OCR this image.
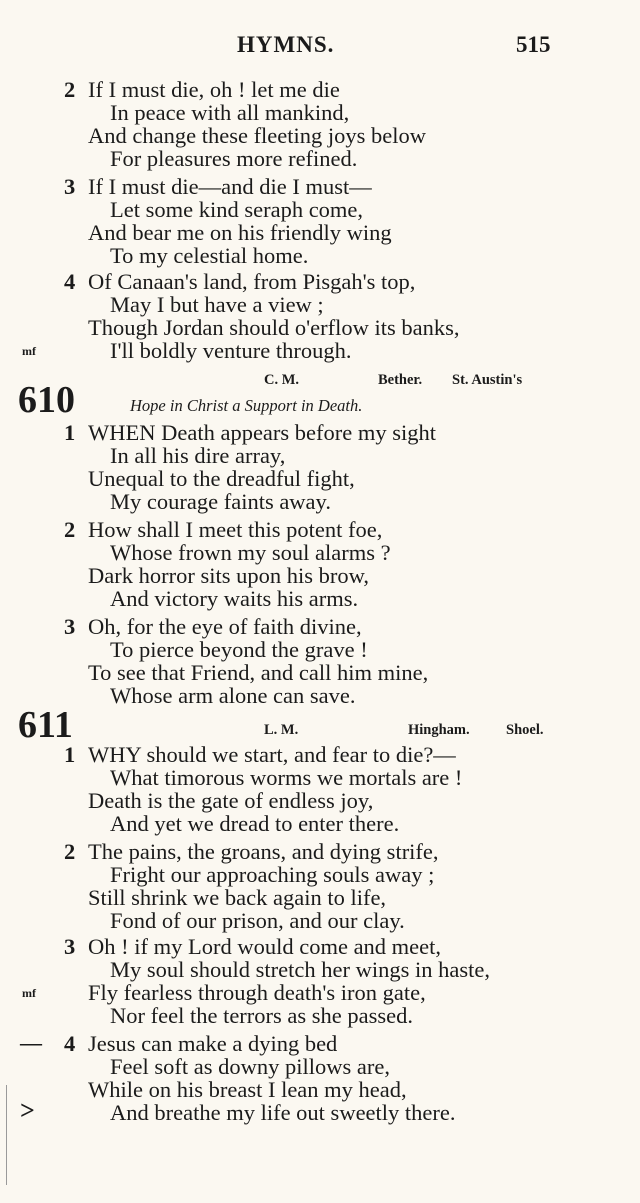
HYMNS.	515
2 If I must die, oh ! let me die
In peace with all mankind,
And change these fleeting joys below
For pleasures more refined.
3 If I must die—and die I must—
Let some kind seraph come,
And bear me on his friendly wing
To my celestial home.
4 Of Canaan's land, from Pisgah's top,
May I but have a view ;
Though Jordan should o'erflow its banks,
mf	I'll boldly venture through.
610	C. M.	Bether. St. Austin's
Hope in Christ a Support in Death.
1 WHEN Death appears before my sight
In all his dire array,
Unequal to the dreadful fight,
My courage faints away.
2 How shall I meet this potent foe,
Whose frown my soul alarms ?
Dark horror sits upon his brow,
And victory waits his arms.
3 Oh, for the eye of faith divine,
To pierce beyond the grave !
To see that Friend, and call him mine,
Whose arm alone can save.
611	L. M.	Hingham.	Shoel.
1 WHY should we start, and fear to die?—
What timorous worms we mortals are !
Death is the gate of endless joy,
And yet we dread to enter there.
2 The pains, the groans, and dying strife,
Fright our approaching souls away ;
Still shrink we back again to life,
Fond of our prison, and our clay.
3 Oh ! if my Lord would come and meet,
My soul should stretch her wings in haste,
mf Fly fearless through death's iron gate,
Nor feel the terrors as she passed.
— 4 Jesus can make a dying bed
Feel soft as downy pillows are,
While on his breast I lean my head,
>	And breathe my life out sweetly there.
